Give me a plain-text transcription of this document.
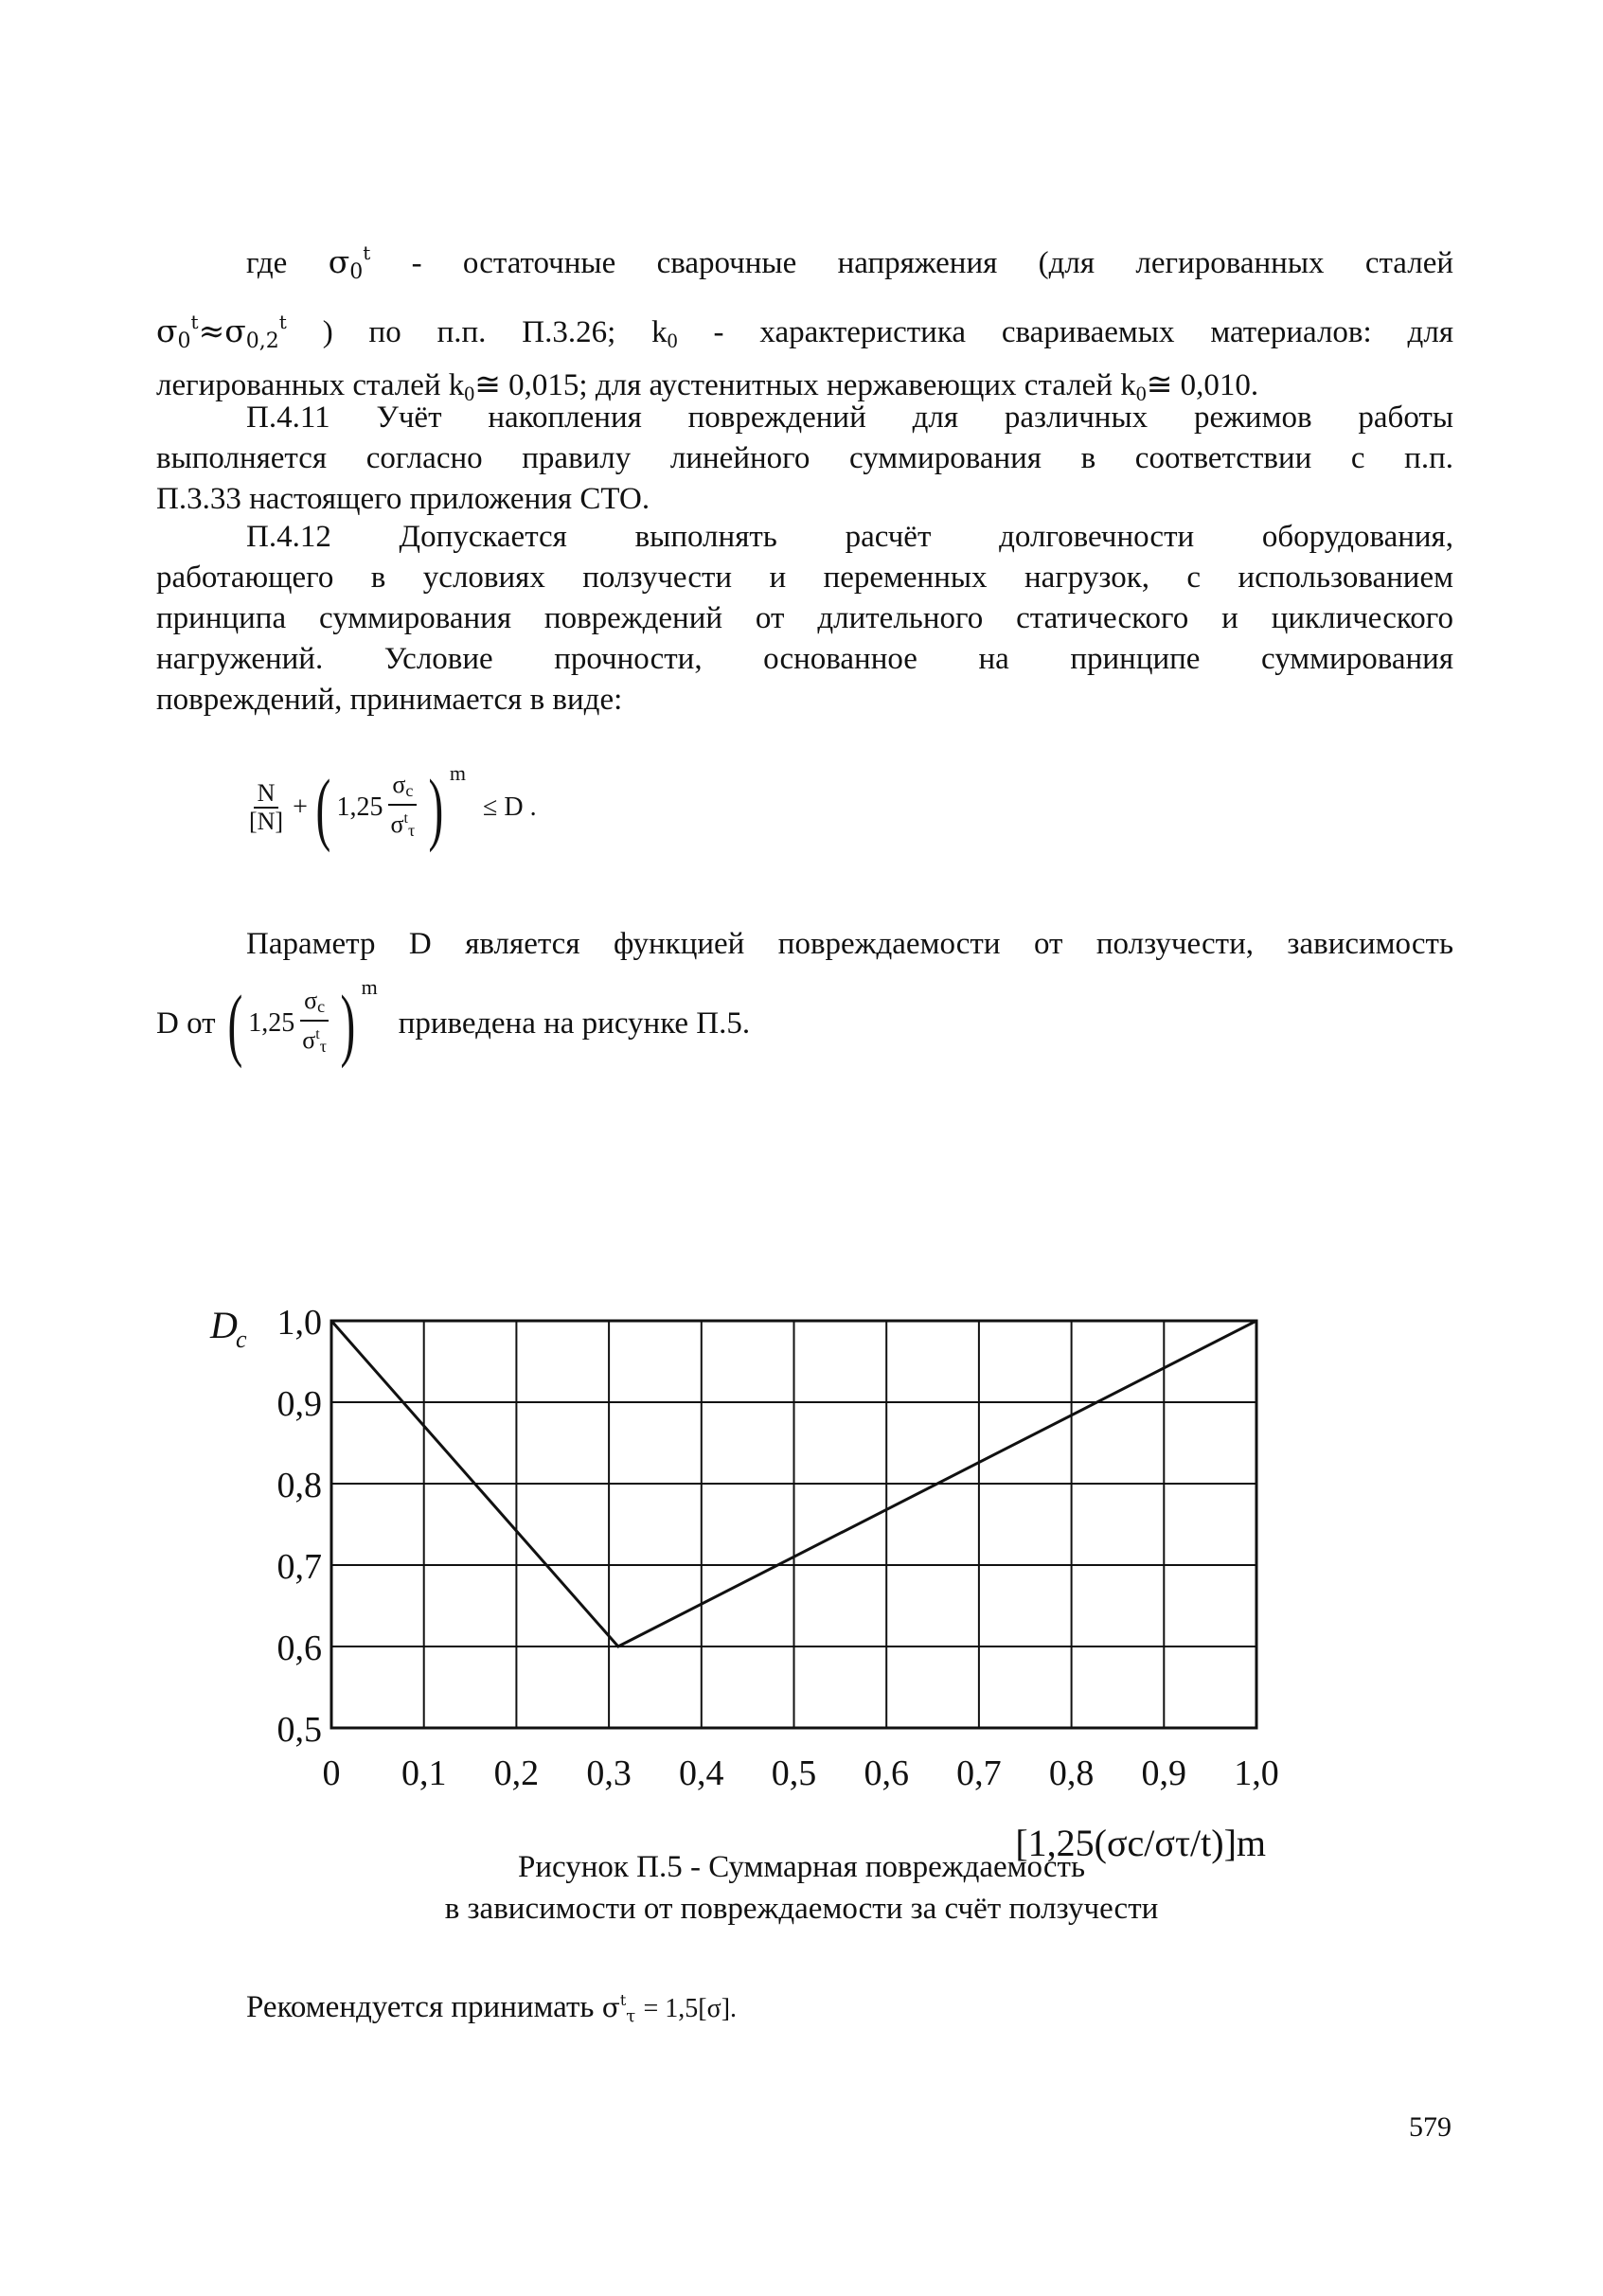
где $\sigma_0^t$ - остаточные сварочные напряжения (для легированных сталей
$\sigma_0^t\approx\sigma_{0,2}^t$ ) по п.п. П.3.26; $k_0$ - характеристика свариваемых материалов: для
легированных сталей $k_0≅$ 0,015; для аустенитных нержавеющих сталей $k_0≅$ 0,010.
П.4.11 Учёт накопления повреждений для различных режимов работы
выполняется согласно правилу линейного суммирования в соответствии с п.п.
П.3.33 настоящего приложения СТО.
П.4.12 Допускается выполнять расчёт долговечности оборудования,
работающего в условиях ползучести и переменных нагрузок, с использованием
принципа суммирования повреждений от длительного статического и циклического
нагружений. Условие прочности, основанное на принципе суммирования
повреждений, принимается в виде:
$\frac{N}{[N]}$ + ( $1,25 \frac{\sigma_c}{\sigma^t_\tau}$ ) m
≤ D .
Параметр D является функцией повреждаемости от ползучести, зависимость
D от ( $1,25 \frac{\sigma_c}{\sigma^t_\tau}$ ) m
приведена на рисунке П.5.
0 0,1 0,2 0,3 0,4 0,5 0,6 0,7 0,8 0,9 1,0
0,5
0,6
0,7
0,8
0,9
1,0
D
c
[1,25(σc/στ/t)]m
Рисунок П.5 - Суммарная повреждаемость
в зависимости от повреждаемости за счёт ползучести
Рекомендуется принимать $\sigma^t_\tau = 1,5[\sigma]$.
579
